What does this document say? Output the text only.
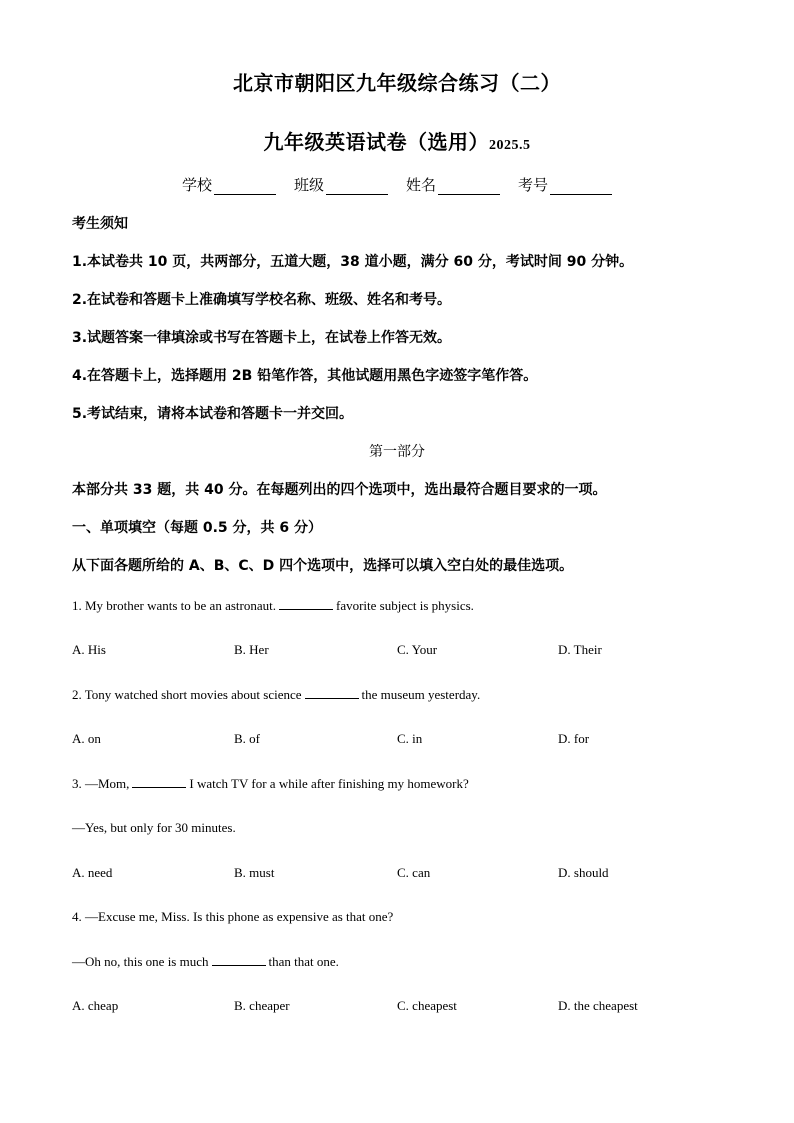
北京市朝阳区九年级综合练习（二）
九年级英语试卷（选用）2025.5
学校	班级	姓名	考号
考生须知
1.本试卷共 10 页，共两部分，五道大题，38 道小题，满分 60 分，考试时间 90 分钟。
2.在试卷和答题卡上准确填写学校名称、班级、姓名和考号。
3.试题答案一律填涂或书写在答题卡上，在试卷上作答无效。
4.在答题卡上，选择题用 2B 铅笔作答，其他试题用黑色字迹签字笔作答。
5.考试结束，请将本试卷和答题卡一并交回。
第一部分
本部分共 33 题，共 40 分。在每题列出的四个选项中，选出最符合题目要求的一项。
一、单项填空（每题 0.5 分，共 6 分）
从下面各题所给的 A、B、C、D 四个选项中，选择可以填入空白处的最佳选项。
1. My brother wants to be an astronaut.	favorite subject is physics.
A. His	B. Her	C. Your	D. Their
2. Tony watched short movies about science	the museum yesterday.
A. on	B. of	C. in	D. for
3. —Mom,	I watch TV for a while after finishing my homework?
—Yes, but only for 30 minutes.
A. need	B. must	C. can	D. should
4. —Excuse me, Miss. Is this phone as expensive as that one?
—Oh no, this one is much	than that one.
A. cheap	B. cheaper	C. cheapest	D. the cheapest
